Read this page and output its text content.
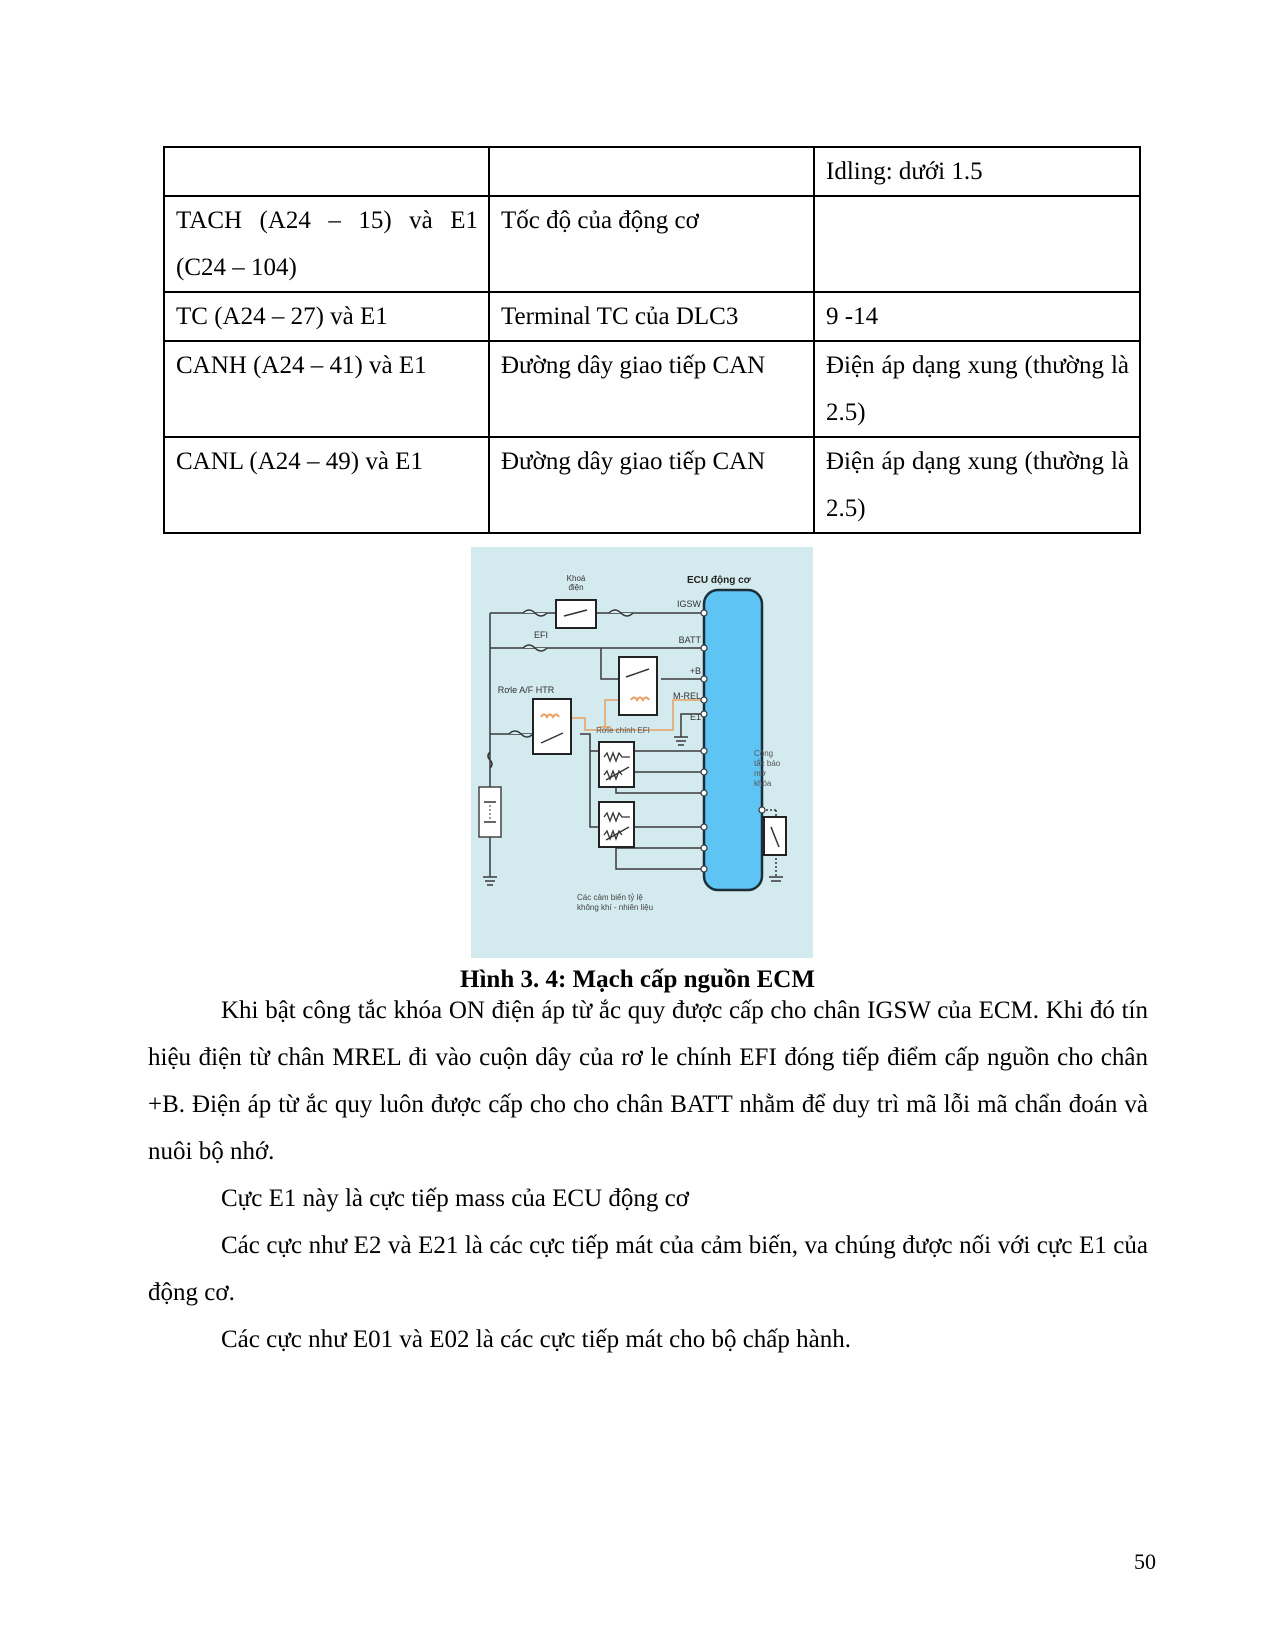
		Idling: dưới 1.5
TACH (A24 – 15) và E1 (C24 – 104)	Tốc độ của động cơ	
TC (A24 – 27) và E1	Terminal TC của DLC3	9 -14
CANH (A24 – 41) và E1	Đường dây giao tiếp CAN	Điện áp dạng xung (thường là 2.5)
CANL (A24 – 49) và E1	Đường dây giao tiếp CAN	Điện áp dạng xung (thường là 2.5)
ECU động cơ
IGSW
BATT
+B
M-REL
E1
Khoá
điện
EFI
Rơle chính EFI
Rơle A/F HTR
Các cảm biến tỷ lệ
không khí - nhiên liệu
Công
tắc báo
mở
khóa
Hình 3. 4: Mạch cấp nguồn ECM

Khi bật công tắc khóa ON điện áp từ ắc quy được cấp cho chân IGSW của ECM. Khi đó tín hiệu điện từ chân MREL đi vào cuộn dây của rơ le chính EFI đóng tiếp điểm cấp nguồn cho chân +B. Điện áp từ ắc quy luôn được cấp cho cho chân BATT nhằm để duy trì mã lỗi mã chẩn đoán và nuôi bộ nhớ.

Cực E1 này là cực tiếp mass của ECU động cơ

Các cực như E2 và E21 là các cực tiếp mát của cảm biến, va chúng được nối với cực E1 của động cơ.

Các cực như E01 và E02 là các cực tiếp mát cho bộ chấp hành.

50
